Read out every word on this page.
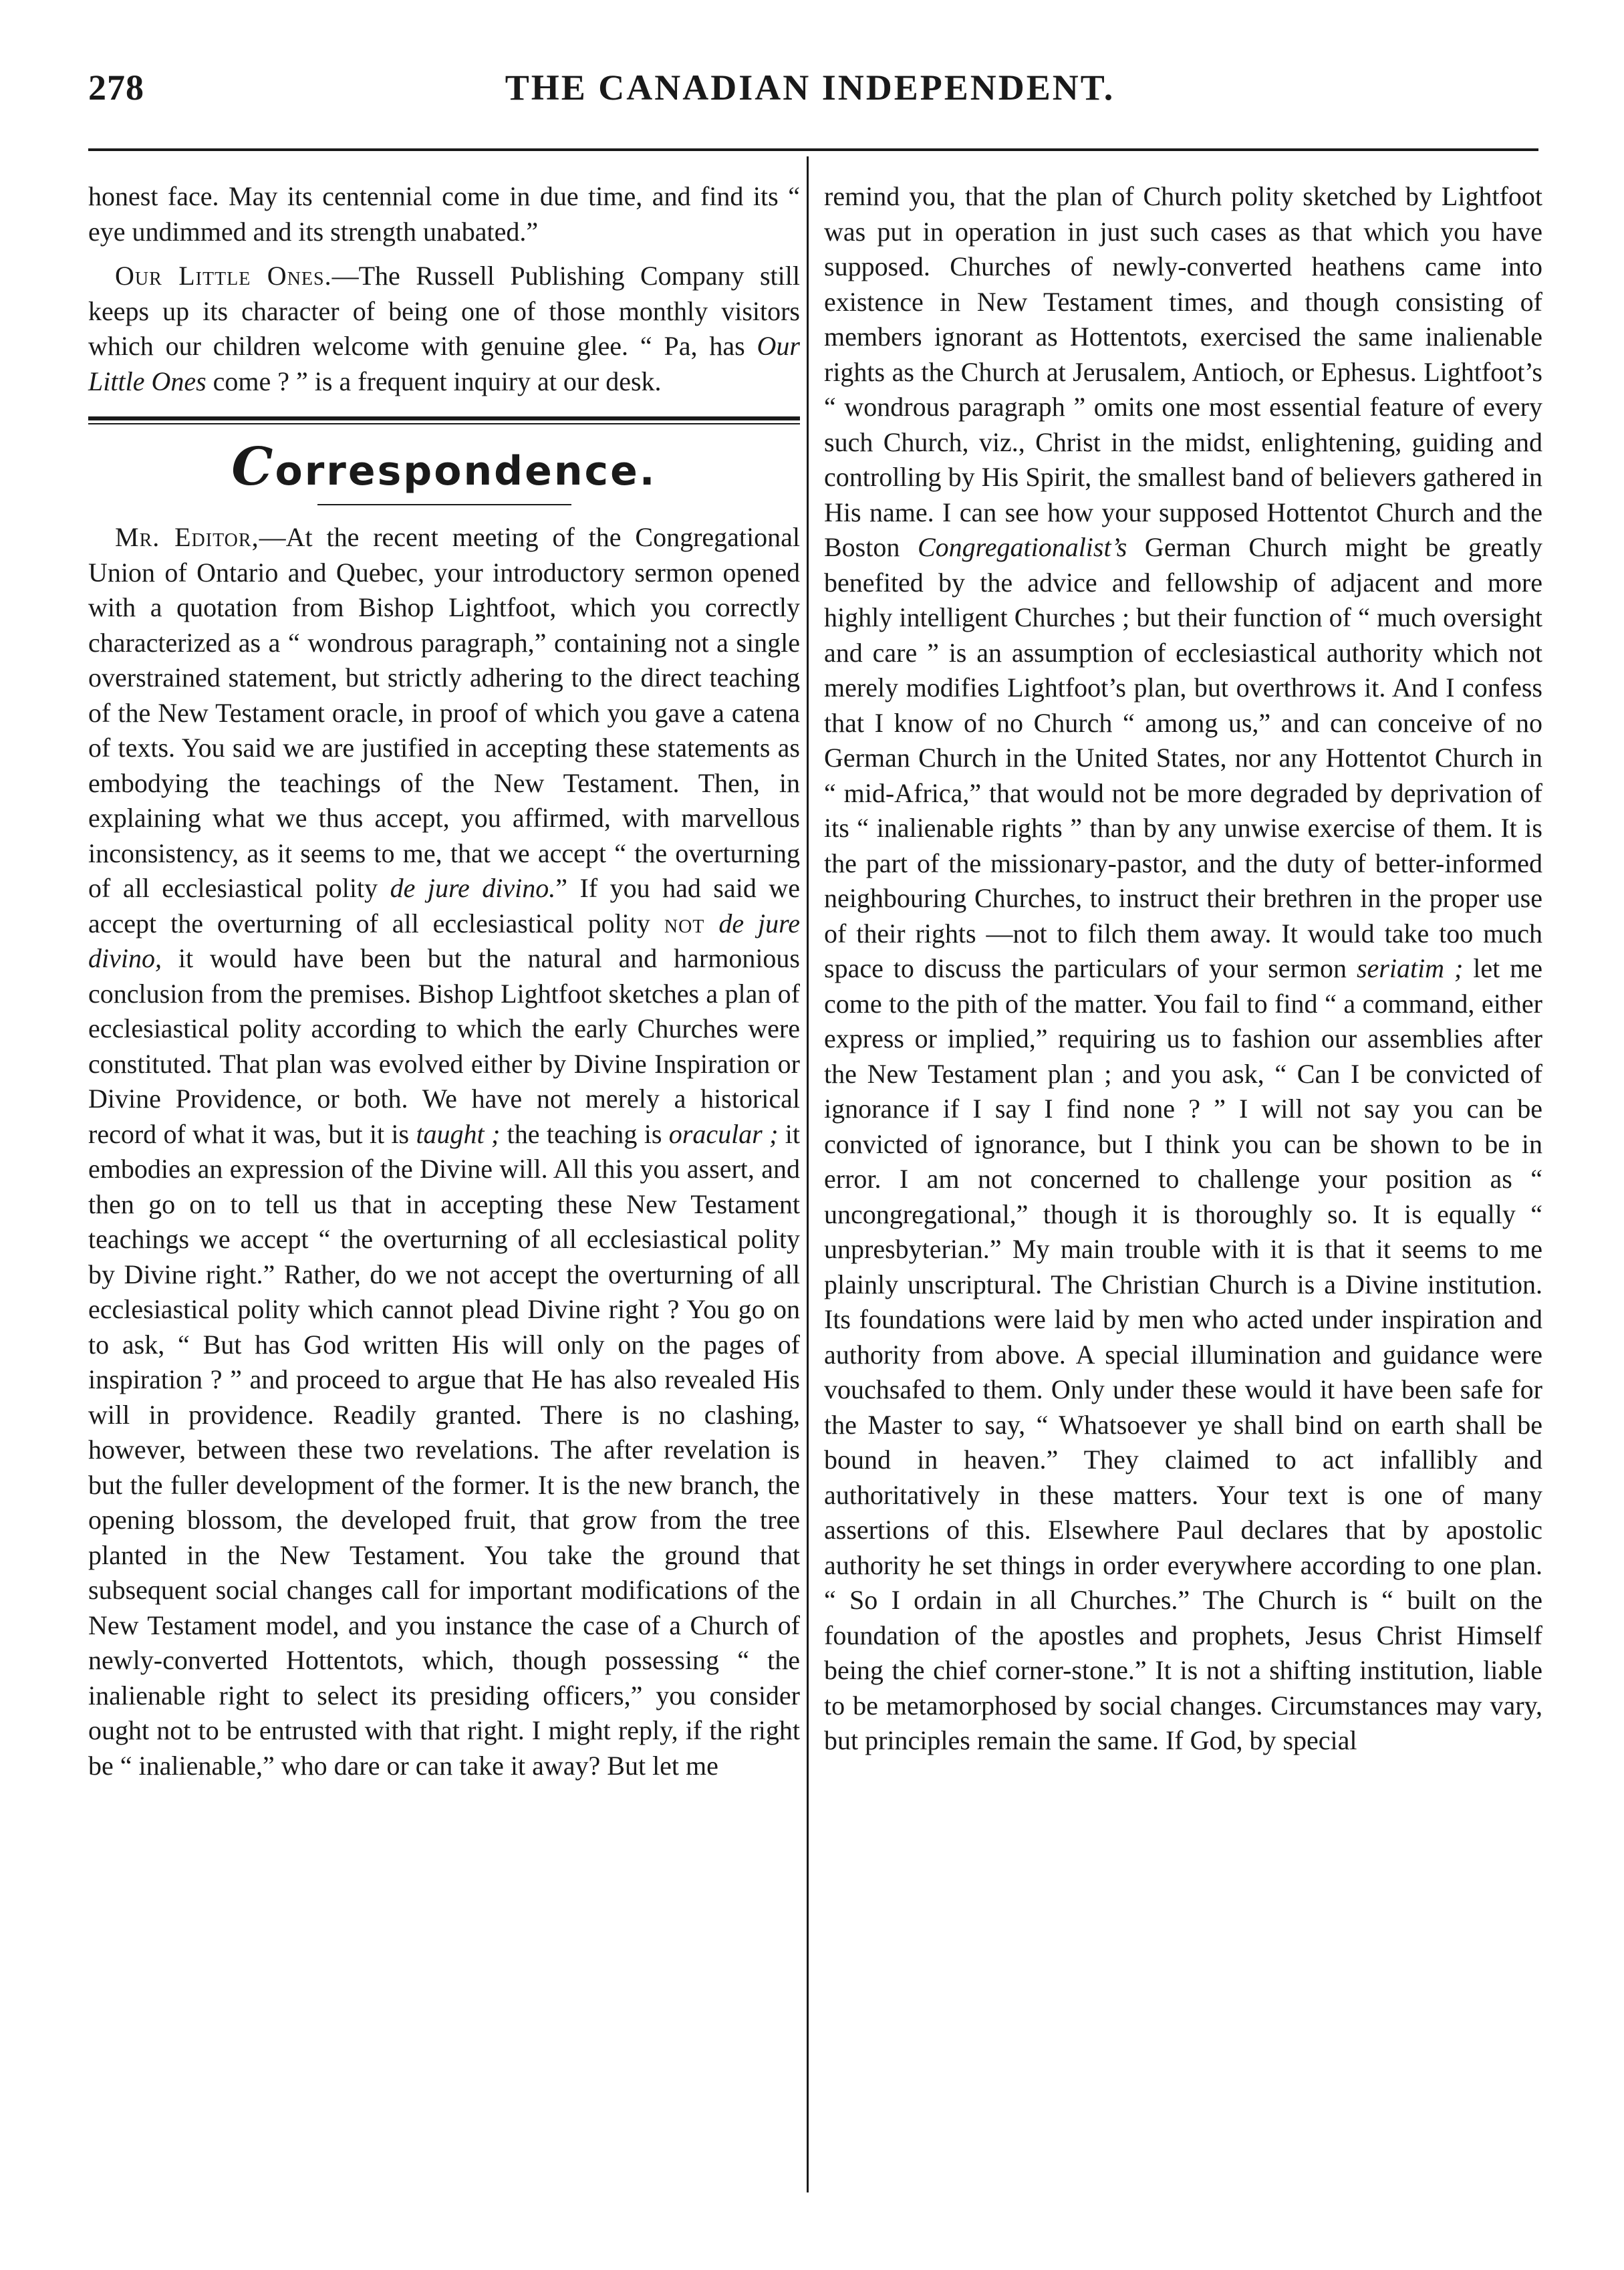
278	THE CANADIAN INDEPENDENT.

honest face. May its centennial come in due time, and find its “ eye undimmed and its strength unabated.”

Our Little Ones.—The Russell Publishing Company still keeps up its character of being one of those monthly visitors which our children welcome with genuine glee. “ Pa, has Our Little Ones come ? ” is a frequent inquiry at our desk.

Correspondence.

Mr. Editor,—At the recent meeting of the Congregational Union of Ontario and Quebec, your introductory sermon opened with a quotation from Bishop Lightfoot, which you correctly characterized as a “ wondrous paragraph,” containing not a single overstrained statement, but strictly adhering to the direct teaching of the New Testament oracle, in proof of which you gave a catena of texts. You said we are justified in accepting these statements as embodying the teachings of the New Testament. Then, in explaining what we thus accept, you affirmed, with marvellous inconsistency, as it seems to me, that we accept “ the overturning of all ecclesiastical polity de jure divino.” If you had said we accept the overturning of all ecclesiastical polity not de jure divino, it would have been but the natural and harmonious conclusion from the premises. Bishop Lightfoot sketches a plan of ecclesiastical polity according to which the early Churches were constituted. That plan was evolved either by Divine Inspiration or Divine Providence, or both. We have not merely a historical record of what it was, but it is taught ; the teaching is oracular ; it embodies an expression of the Divine will. All this you assert, and then go on to tell us that in accepting these New Testament teachings we accept “ the overturning of all ecclesiastical polity by Divine right.” Rather, do we not accept the overturning of all ecclesiastical polity which cannot plead Divine right ? You go on to ask, “ But has God written His will only on the pages of inspiration ? ” and proceed to argue that He has also revealed His will in providence. Readily granted. There is no clashing, however, between these two revelations. The after revelation is but the fuller development of the former. It is the new branch, the opening blossom, the developed fruit, that grow from the tree planted in the New Testament. You take the ground that subsequent social changes call for important modifications of the New Testament model, and you instance the case of a Church of newly-converted Hottentots, which, though possessing “ the inalienable right to select its presiding officers,” you consider ought not to be entrusted with that right. I might reply, if the right be “ inalienable,” who dare or can take it away? But let me

remind you, that the plan of Church polity sketched by Lightfoot was put in operation in just such cases as that which you have supposed. Churches of newly-converted heathens came into existence in New Testament times, and though consisting of members ignorant as Hottentots, exercised the same inalienable rights as the Church at Jerusalem, Antioch, or Ephesus. Lightfoot’s “ wondrous paragraph ” omits one most essential feature of every such Church, viz., Christ in the midst, enlightening, guiding and controlling by His Spirit, the smallest band of believers gathered in His name. I can see how your supposed Hottentot Church and the Boston Congregationalist’s German Church might be greatly benefited by the advice and fellowship of adjacent and more highly intelligent Churches ; but their function of “ much oversight and care ” is an assumption of ecclesiastical authority which not merely modifies Lightfoot’s plan, but overthrows it. And I confess that I know of no Church “ among us,” and can conceive of no German Church in the United States, nor any Hottentot Church in “ mid-Africa,” that would not be more degraded by deprivation of its “ inalienable rights ” than by any unwise exercise of them. It is the part of the missionary-pastor, and the duty of better-informed neighbouring Churches, to instruct their brethren in the proper use of their rights —not to filch them away. It would take too much space to discuss the particulars of your sermon seriatim ; let me come to the pith of the matter. You fail to find “ a command, either express or implied,” requiring us to fashion our assemblies after the New Testament plan ; and you ask, “ Can I be convicted of ignorance if I say I find none ? ” I will not say you can be convicted of ignorance, but I think you can be shown to be in error. I am not concerned to challenge your position as “ uncongregational,” though it is thoroughly so. It is equally “ unpresbyterian.” My main trouble with it is that it seems to me plainly unscriptural. The Christian Church is a Divine institution. Its foundations were laid by men who acted under inspiration and authority from above. A special illumination and guidance were vouchsafed to them. Only under these would it have been safe for the Master to say, “ Whatsoever ye shall bind on earth shall be bound in heaven.” They claimed to act infallibly and authoritatively in these matters. Your text is one of many assertions of this. Elsewhere Paul declares that by apostolic authority he set things in order everywhere according to one plan. “ So I ordain in all Churches.” The Church is “ built on the foundation of the apostles and prophets, Jesus Christ Himself being the chief corner-stone.” It is not a shifting institution, liable to be metamorphosed by social changes. Circumstances may vary, but principles remain the same. If God, by special
